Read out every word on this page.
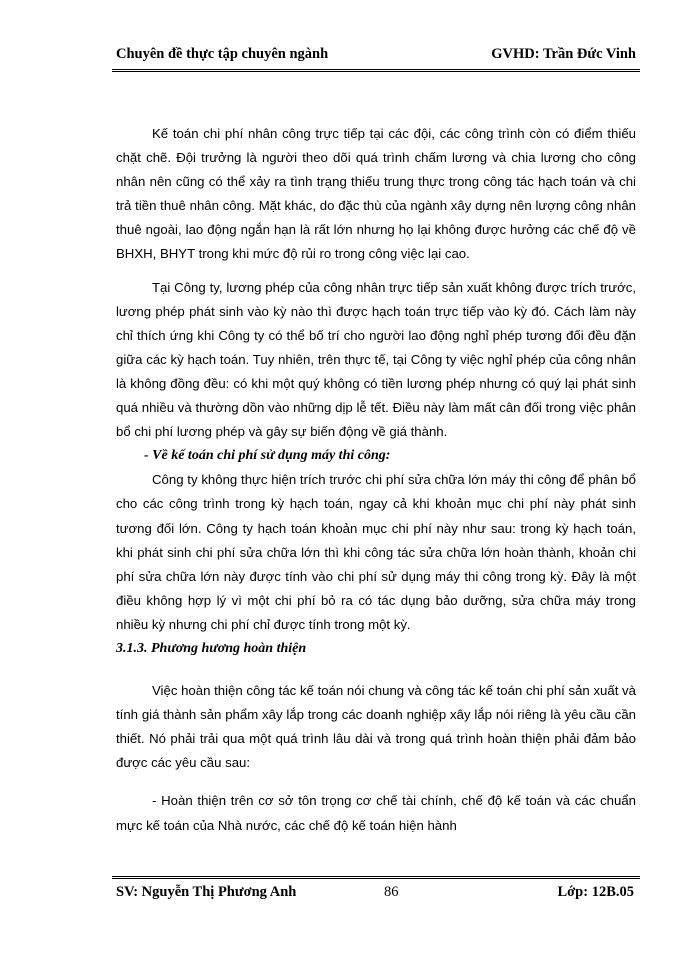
Chuyên đề thực tập chuyên ngành	GVHD: Trần Đức Vinh

Kế toán chi phí nhân công trực tiếp tại các đội, các công trình còn có điểm thiếu chặt chẽ. Đội trưởng là người theo dõi quá trình chấm lương và chia lương cho công nhân nên cũng có thể xảy ra tình trạng thiếu trung thực trong công tác hạch toán và chi trả tiền thuê nhân công. Mặt khác, do đặc thù của ngành xây dựng nên lượng công nhân thuê ngoài, lao động ngắn hạn là rất lớn nhưng họ lại không được hưởng các chế độ về BHXH, BHYT trong khi mức độ rủi ro trong công việc lại cao.

Tại Công ty, lương phép của công nhân trực tiếp sản xuất không được trích trước, lương phép phát sinh vào kỳ nào thì được hạch toán trực tiếp vào kỳ đó. Cách làm này chỉ thích ứng khi Công ty có thể bố trí cho người lao động nghỉ phép tương đối đều đặn giữa các kỳ hạch toán. Tuy nhiên, trên thực tế, tại Công ty việc nghỉ phép của công nhân là không đồng đều: có khi một quý không có tiền lương phép nhưng có quý lại phát sinh quá nhiều và thường dồn vào những dịp lễ tết. Điều này làm mất cân đối trong việc phân bổ chi phí lương phép và gây sự biến động về giá thành.

- Về kế toán chi phí sử dụng máy thi công:

Công ty không thực hiện trích trước chi phí sửa chữa lớn máy thi công để phân bổ cho các công trình trong kỳ hạch toán, ngay cả khi khoản mục chi phí này phát sinh tương đối lớn. Công ty hạch toán khoản mục chi phí này như sau: trong kỳ hạch toán, khi phát sinh chi phí sửa chữa lớn thì khi công tác sửa chữa lớn hoàn thành, khoản chi phí sửa chữa lớn này được tính vào chi phí sử dụng máy thi công trong kỳ. Đây là một điều không hợp lý vì một chi phí bỏ ra có tác dụng bảo dưỡng, sửa chữa máy trong nhiều kỳ nhưng chi phí chỉ được tính trong một kỳ.

3.1.3. Phương hương hoàn thiện

Việc hoàn thiện công tác kế toán nói chung và công tác kế toán chi phí sản xuất và tính giá thành sản phẩm xây lắp trong các doanh nghiệp xây lắp nói riêng là yêu cầu cần thiết. Nó phải trải qua một quá trình lâu dài và trong quá trình hoàn thiện phải đảm bảo được các yêu cầu sau:

- Hoàn thiện trên cơ sở tôn trọng cơ chế tài chính, chế độ kế toán và các chuẩn mực kế toán của Nhà nước, các chế độ kế toán hiện hành

SV: Nguyễn Thị Phương Anh	86	Lớp: 12B.05
